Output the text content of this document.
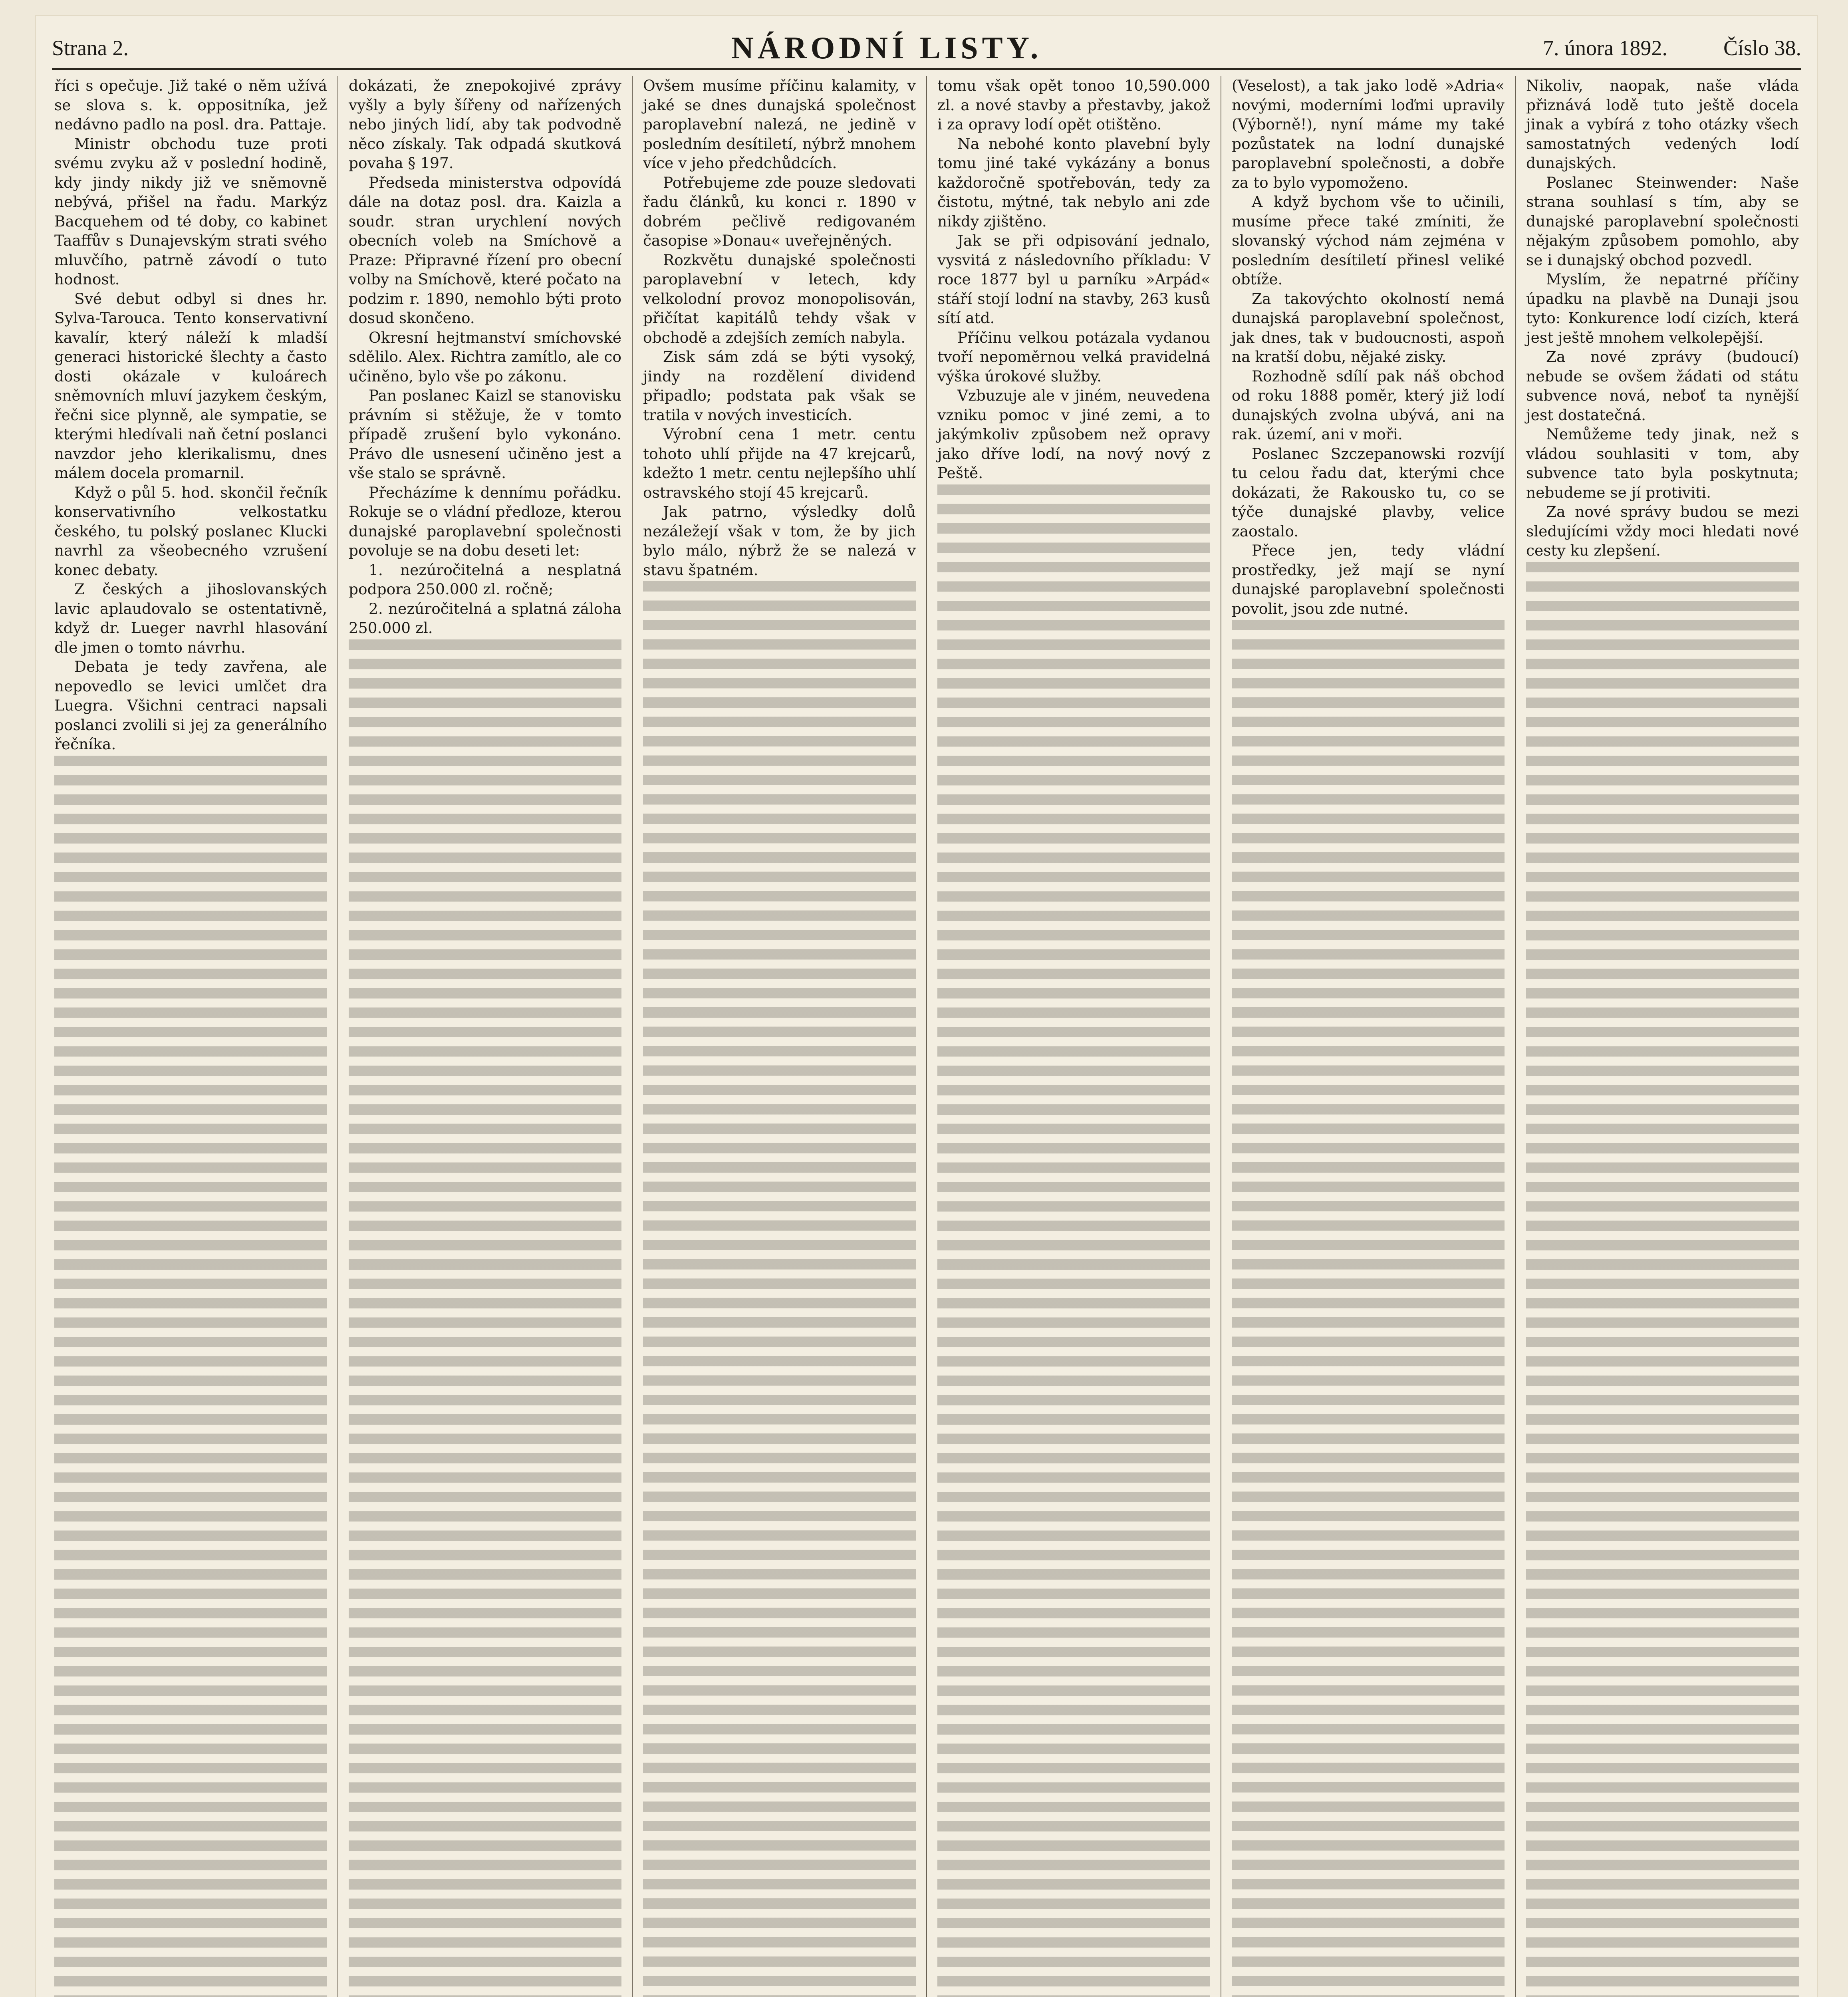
Strana 2.	NÁRODNÍ LISTY.	7. února 1892.	Číslo 38.

říci s opečuje. Již také o něm užívá se slova s. k. oppositníka, jež nedávno padlo na posl. dra. Pattaje.

Ministr obchodu tuze proti svému zvyku až v poslední hodině, kdy jindy nikdy již ve sněmovně nebývá, přišel na řadu. Markýz Bacquehem od té doby, co kabinet Taaffův s Dunajevským strati svého mluvčího, patrně závodí o tuto hodnost.

Své debut odbyl si dnes hr. Sylva-Tarouca. Tento konservativní kavalír, který náleží k mladší generaci historické šlechty a často dosti okázale v kuloárech sněmovních mluví jazykem českým, řečni sice plynně, ale sympatie, se kterými hledívali naň četní poslanci navzdor jeho klerikalismu, dnes málem docela promarnil.

Když o půl 5. hod. skončil řečník konservativního velkostatku českého, tu polský poslanec Klucki navrhl za všeobecného vzrušení konec debaty.

Z českých a jihoslovanských lavic aplaudovalo se ostentativně, když dr. Lueger navrhl hlasování dle jmen o tomto návrhu.

Debata je tedy zavřena, ale nepovedlo se levici umlčet dra Luegra. Všichni centraci napsali poslanci zvolili si jej za generálního řečníka.

dokázati, že znepokojivé zprávy vyšly a byly šířeny od nařízených nebo jiných lidí, aby tak podvodně něco získaly. Tak odpadá skutková povaha § 197.

Předseda ministerstva odpovídá dále na dotaz posl. dra. Kaizla a soudr. stran urychlení nových obecních voleb na Smíchově a Praze: Připravné řízení pro obecní volby na Smíchově, které počato na podzim r. 1890, nemohlo býti proto dosud skončeno.

Okresní hejtmanství smíchovské sdělilo. Alex. Richtra zamítlo, ale co učiněno, bylo vše po zákonu.

Pan poslanec Kaizl se stanovisku právním si stěžuje, že v tomto případě zrušení bylo vykonáno. Právo dle usnesení učiněno jest a vše stalo se správně.

Přecházíme k dennímu pořádku. Rokuje se o vládní předloze, kterou dunajské paroplavební společnosti povoluje se na dobu deseti let:

1. nezúročitelná a nesplatná podpora 250.000 zl. ročně;

2. nezúročitelná a splatná záloha 250.000 zl.

Ovšem musíme příčinu kalamity, v jaké se dnes dunajská společnost paroplavební nalezá, ne jedině v posledním desítiletí, nýbrž mnohem více v jeho předchůdcích.

Potřebujeme zde pouze sledovati řadu článků, ku konci r. 1890 v dobrém pečlivě redigovaném časopise »Donau« uveřejněných.

Rozkvětu dunajské společnosti paroplavební v letech, kdy velkolodní provoz monopolisován, přičítat kapitálů tehdy však v obchodě a zdejších zemích nabyla.

Zisk sám zdá se býti vysoký, jindy na rozdělení dividend připadlo; podstata pak však se tratila v nových investicích.

Výrobní cena 1 metr. centu tohoto uhlí přijde na 47 krejcarů, kdežto 1 metr. centu nejlepšího uhlí ostravského stojí 45 krejcarů.

Jak patrno, výsledky dolů nezáležejí však v tom, že by jich bylo málo, nýbrž že se nalezá v stavu špatném.

tomu však opět tonoo 10,590.000 zl. a nové stavby a přestavby, jakož i za opravy lodí opět otištěno.

Na nebohé konto plavební byly tomu jiné také vykázány a bonus každoročně spotřebován, tedy za čistotu, mýtné, tak nebylo ani zde nikdy zjištěno.

Jak se při odpisování jednalo, vysvitá z následovního příkladu: V roce 1877 byl u parníku »Arpád« stáří stojí lodní na stavby, 263 kusů sítí atd.

Příčinu velkou potázala vydanou tvoří nepoměrnou velká pravidelná výška úrokové služby.

Vzbuzuje ale v jiném, neuvedena vzniku pomoc v jiné zemi, a to jakýmkoliv způsobem než opravy jako dříve lodí, na nový nový z Peště.

(Veselost), a tak jako lodě »Adria« novými, moderními loďmi upravily (Výborně!), nyní máme my také pozůstatek na lodní dunajské paroplavební společnosti, a dobře za to bylo vypomoženo.

A když bychom vše to učinili, musíme přece také zmíniti, že slovanský východ nám zejména v posledním desítiletí přinesl veliké obtíže.

Za takovýchto okolností nemá dunajská paroplavební společnost, jak dnes, tak v budoucnosti, aspoň na kratší dobu, nějaké zisky.

Rozhodně sdílí pak náš obchod od roku 1888 poměr, který již lodí dunajských zvolna ubývá, ani na rak. území, ani v moři.

Poslanec Szczepanowski rozvíjí tu celou řadu dat, kterými chce dokázati, že Rakousko tu, co se týče dunajské plavby, velice zaostalo.

Přece jen, tedy vládní prostředky, jež mají se nyní dunajské paroplavební společnosti povolit, jsou zde nutné.

Nikoliv, naopak, naše vláda přiznává lodě tuto ještě docela jinak a vybírá z toho otázky všech samostatných vedených lodí dunajských.

Poslanec Steinwender: Naše strana souhlasí s tím, aby se dunajské paroplavební společnosti nějakým způsobem pomohlo, aby se i dunajský obchod pozvedl.

Myslím, že nepatrné příčiny úpadku na plavbě na Dunaji jsou tyto: Konkurence lodí cizích, která jest ještě mnohem velkolepější.

Za nové zprávy (budoucí) nebude se ovšem žádati od státu subvence nová, neboť ta nynější jest dostatečná.

Nemůžeme tedy jinak, než s vládou souhlasiti v tom, aby subvence tato byla poskytnuta; nebudeme se jí protiviti.

Za nové správy budou se mezi sledujícími vždy moci hledati nové cesty ku zlepšení.
